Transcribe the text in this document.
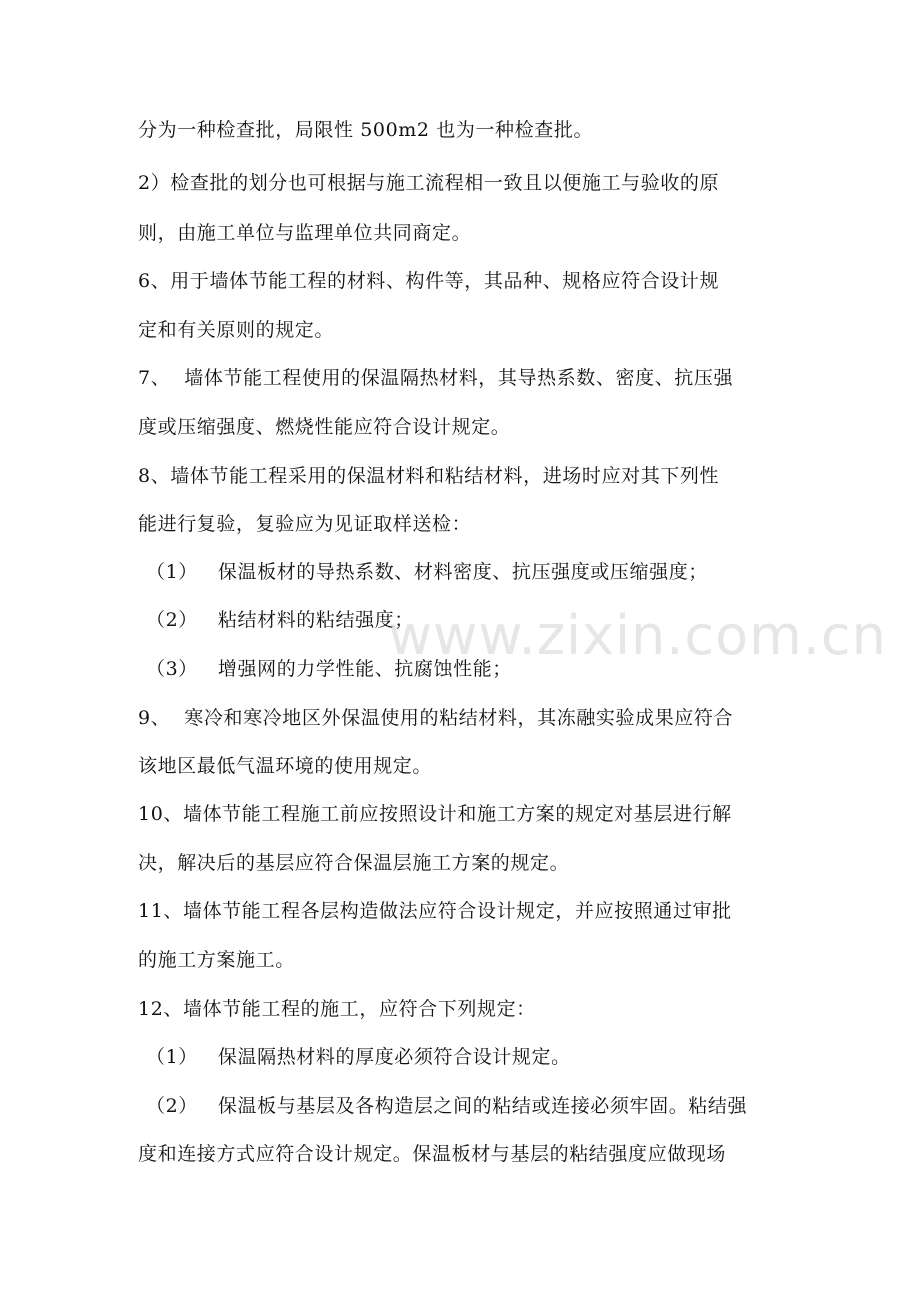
分为一种检查批，局限性 500m2 也为一种检查批。
2）检查批的划分也可根据与施工流程相一致且以便施工与验收的原
则，由施工单位与监理单位共同商定。
6、用于墙体节能工程的材料、构件等，其品种、规格应符合设计规
定和有关原则的规定。
7、 墙体节能工程使用的保温隔热材料，其导热系数、密度、抗压强
度或压缩强度、燃烧性能应符合设计规定。
8、墙体节能工程采用的保温材料和粘结材料，进场时应对其下列性
能进行复验，复验应为见证取样送检：
（1） 保温板材的导热系数、材料密度、抗压强度或压缩强度；
（2） 粘结材料的粘结强度；
（3） 增强网的力学性能、抗腐蚀性能；
9、 寒冷和寒冷地区外保温使用的粘结材料，其冻融实验成果应符合
该地区最低气温环境的使用规定。
10、墙体节能工程施工前应按照设计和施工方案的规定对基层进行解
决，解决后的基层应符合保温层施工方案的规定。
11、墙体节能工程各层构造做法应符合设计规定，并应按照通过审批
的施工方案施工。
12、墙体节能工程的施工，应符合下列规定：
（1） 保温隔热材料的厚度必须符合设计规定。
（2） 保温板与基层及各构造层之间的粘结或连接必须牢固。粘结强
度和连接方式应符合设计规定。保温板材与基层的粘结强度应做现场
www.zixin.com.cn
